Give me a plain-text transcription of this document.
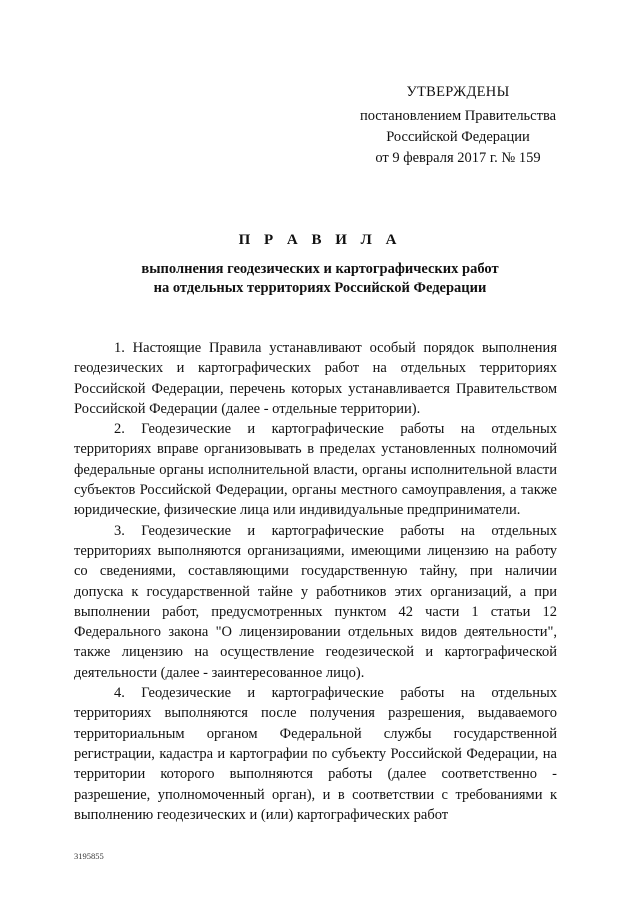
УТВЕРЖДЕНЫ
постановлением Правительства
Российской Федерации
от 9 февраля 2017 г. № 159
П Р А В И Л А
выполнения геодезических и картографических работ
на отдельных территориях Российской Федерации

1. Настоящие Правила устанавливают особый порядок выполнения геодезических и картографических работ на отдельных территориях Российской Федерации, перечень которых устанавливается Правительством Российской Федерации (далее - отдельные территории).

2. Геодезические и картографические работы на отдельных территориях вправе организовывать в пределах установленных полномочий федеральные органы исполнительной власти, органы исполнительной власти субъектов Российской Федерации, органы местного самоуправления, а также юридические, физические лица или индивидуальные предприниматели.

3. Геодезические и картографические работы на отдельных территориях выполняются организациями, имеющими лицензию на работу со сведениями, составляющими государственную тайну, при наличии допуска к государственной тайне у работников этих организаций, а при выполнении работ, предусмотренных пунктом 42 части 1 статьи 12 Федерального закона "О лицензировании отдельных видов деятельности", также лицензию на осуществление геодезической и картографической деятельности (далее - заинтересованное лицо).

4. Геодезические и картографические работы на отдельных территориях выполняются после получения разрешения, выдаваемого территориальным органом Федеральной службы государственной регистрации, кадастра и картографии по субъекту Российской Федерации, на территории которого выполняются работы (далее соответственно - разрешение, уполномоченный орган), и в соответствии с требованиями к выполнению геодезических и (или) картографических работ

3195855
